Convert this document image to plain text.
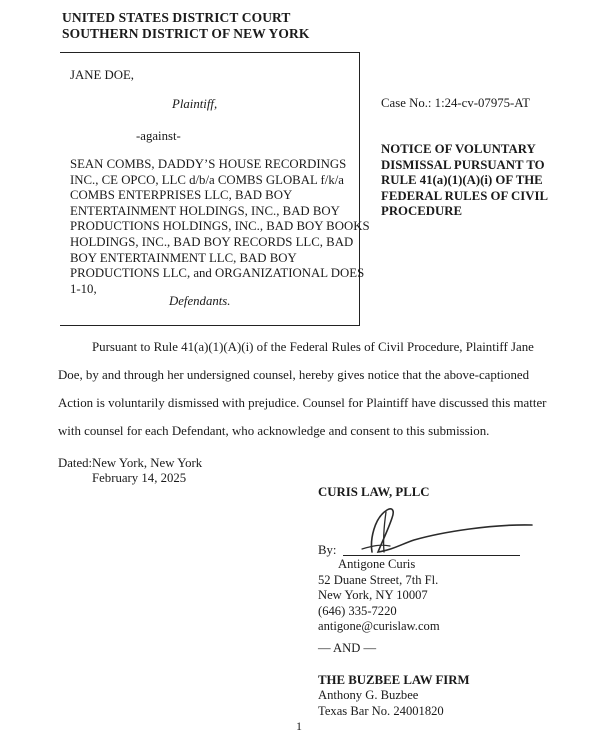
UNITED STATES DISTRICT COURT
SOUTHERN DISTRICT OF NEW YORK
JANE DOE,
Plaintiff,
-against-
SEAN COMBS, DADDY’S HOUSE RECORDINGS
INC., CE OPCO, LLC d/b/a COMBS GLOBAL f/k/a
COMBS ENTERPRISES LLC, BAD BOY
ENTERTAINMENT HOLDINGS, INC., BAD BOY
PRODUCTIONS HOLDINGS, INC., BAD BOY BOOKS
HOLDINGS, INC., BAD BOY RECORDS LLC, BAD
BOY ENTERTAINMENT LLC, BAD BOY
PRODUCTIONS LLC, and ORGANIZATIONAL DOES
1-10,
Defendants.
Case No.: 1:24-cv-07975-AT
NOTICE OF VOLUNTARY
DISMISSAL PURSUANT TO
RULE 41(a)(1)(A)(i) OF THE
FEDERAL RULES OF CIVIL
PROCEDURE
Pursuant to Rule 41(a)(1)(A)(i) of the Federal Rules of Civil Procedure, Plaintiff Jane
Doe, by and through her undersigned counsel, hereby gives notice that the above-captioned
Action is voluntarily dismissed with prejudice. Counsel for Plaintiff have discussed this matter
with counsel for each Defendant, who acknowledge and consent to this submission.
Dated: New York, New York
February 14, 2025
CURIS LAW, PLLC
By:
Antigone Curis
52 Duane Street, 7th Fl.
New York, NY 10007
(646) 335-7220
antigone@curislaw.com
— AND —
THE BUZBEE LAW FIRM
Anthony G. Buzbee
Texas Bar No. 24001820
1
